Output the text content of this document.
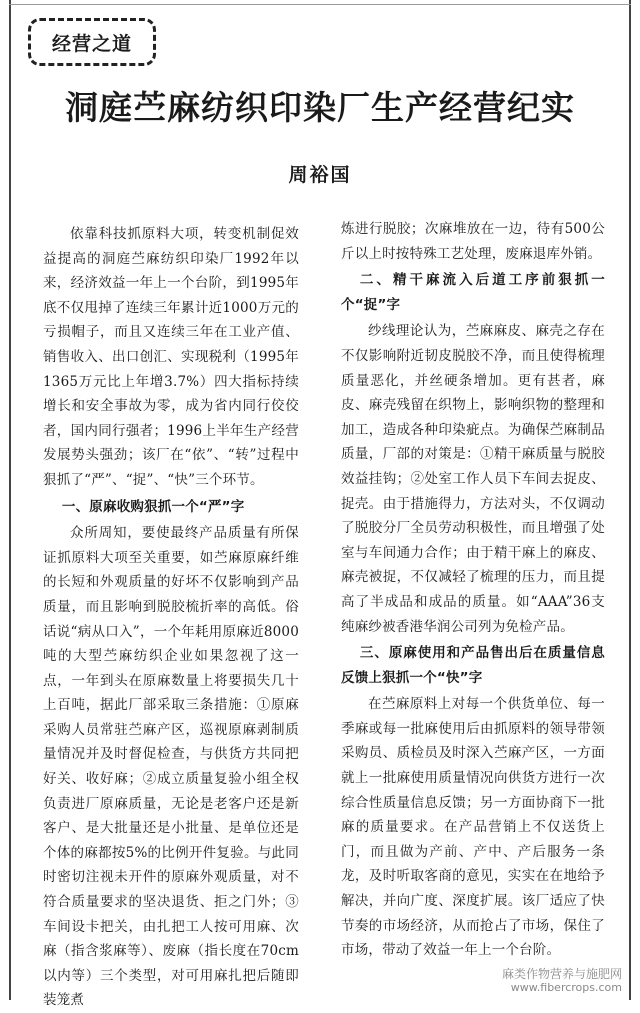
经营之道
洞庭苎麻纺织印染厂生产经营纪实
周裕国

依靠科技抓原料大项，转变机制促效益提高的洞庭苎麻纺织印染厂1992年以来，经济效益一年上一个台阶，到1995年底不仅甩掉了连续三年累计近1000万元的亏损帽子，而且又连续三年在工业产值、销售收入、出口创汇、实现税利（1995年1365万元比上年增3.7%）四大指标持续增长和安全事故为零，成为省内同行佼佼者，国内同行强者；1996上半年生产经营发展势头强劲；该厂在“依”、“转”过程中狠抓了“严”、“捉”、“快”三个环节。

一、原麻收购狠抓一个“严”字

众所周知，要使最终产品质量有所保证抓原料大项至关重要，如苎麻原麻纤维的长短和外观质量的好坏不仅影响到产品质量，而且影响到脱胶梳折率的高低。俗话说“病从口入”，一个年耗用原麻近8000吨的大型苎麻纺织企业如果忽视了这一点，一年到头在原麻数量上将要损失几十上百吨，据此厂部采取三条措施：①原麻采购人员常驻苎麻产区，巡视原麻剥制质量情况并及时督促检查，与供货方共同把好关、收好麻；②成立质量复验小组全权负责进厂原麻质量，无论是老客户还是新客户、是大批量还是小批量、是单位还是个体的麻都按5%的比例开件复验。与此同时密切注视未开件的原麻外观质量，对不符合质量要求的坚决退货、拒之门外；③车间设卡把关，由扎把工人按可用麻、次麻（指含浆麻等）、废麻（指长度在70cm以内等）三个类型，对可用麻扎把后随即装笼煮

炼进行脱胶；次麻堆放在一边，待有500公斤以上时按特殊工艺处理，废麻退库外销。

二、精干麻流入后道工序前狠抓一个“捉”字

纱线理论认为，苎麻麻皮、麻壳之存在不仅影响附近韧皮脱胶不净，而且使得梳理质量恶化，并丝硬条增加。更有甚者，麻皮、麻壳残留在织物上，影响织物的整理和加工，造成各种印染疵点。为确保苎麻制品质量，厂部的对策是：①精干麻质量与脱胶效益挂钩；②处室工作人员下车间去捉皮、捉壳。由于措施得力，方法对头，不仅调动了脱胶分厂全员劳动积极性，而且增强了处室与车间通力合作；由于精干麻上的麻皮、麻壳被捉，不仅减轻了梳理的压力，而且提高了半成品和成品的质量。如“AAA”36支纯麻纱被香港华润公司列为免检产品。

三、原麻使用和产品售出后在质量信息反馈上狠抓一个“快”字

在苎麻原料上对每一个供货单位、每一季麻或每一批麻使用后由抓原料的领导带领采购员、质检员及时深入苎麻产区，一方面就上一批麻使用质量情况向供货方进行一次综合性质量信息反馈；另一方面协商下一批麻的质量要求。在产品营销上不仅送货上门，而且做为产前、产中、产后服务一条龙，及时听取客商的意见，实实在在地给予解决，并向广度、深度扩展。该厂适应了快节奏的市场经济，从而抢占了市场，保住了市场，带动了效益一年上一个台阶。

麻类作物营养与施肥网
www.fibercrops.com
